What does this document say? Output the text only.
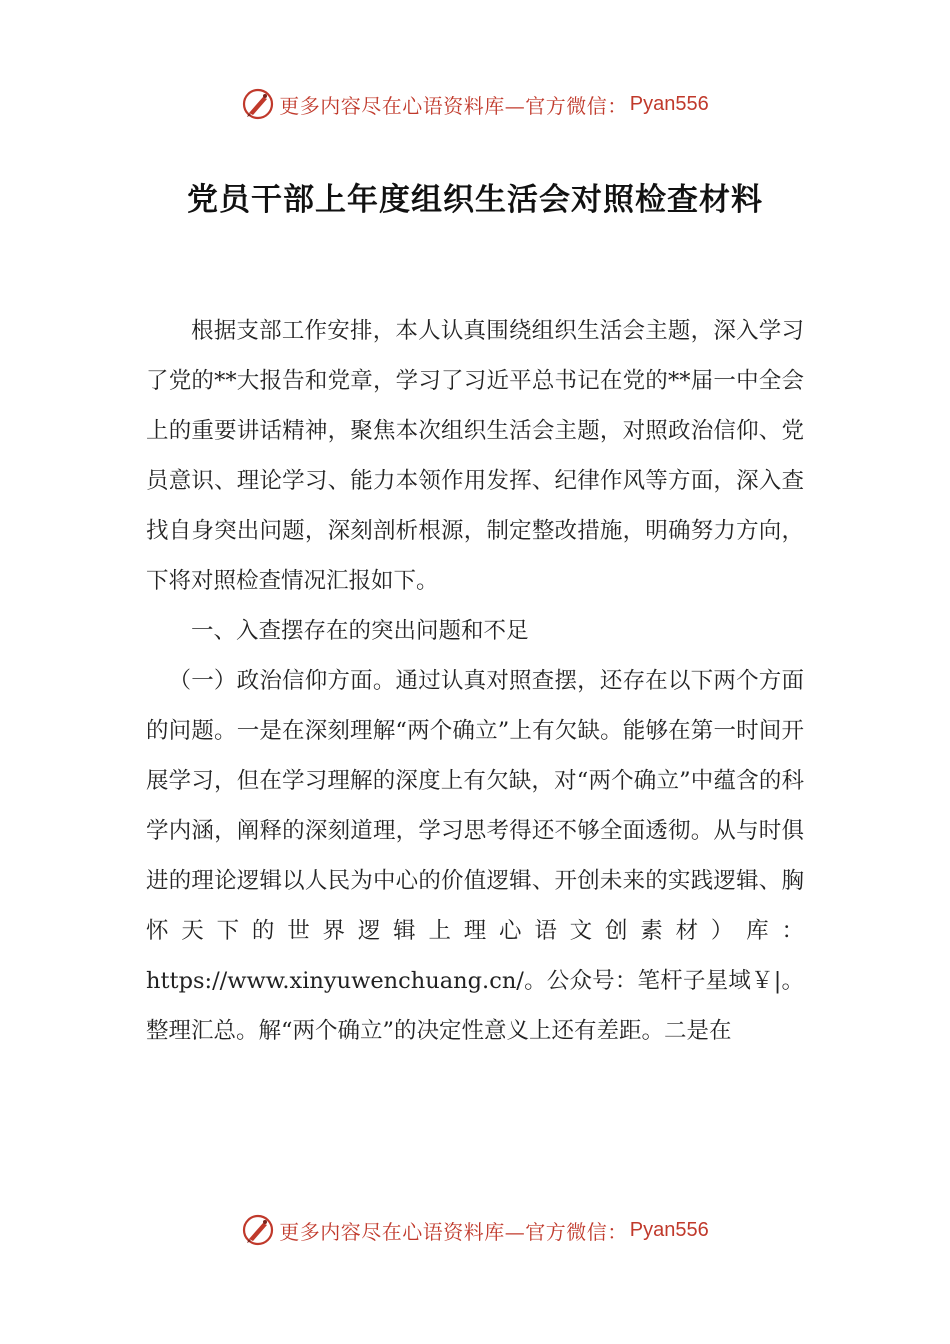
更多内容尽在心语资料库—官方微信： Pyan556
党员干部上年度组织生活会对照检查材料

根据支部工作安排，本人认真围绕组织生活会主题，深入学习了党的**大报告和党章，学习了习近平总书记在党的**届一中全会上的重要讲话精神，聚焦本次组织生活会主题，对照政治信仰、党员意识、理论学习、能力本领作用发挥、纪律作风等方面，深入查找自身突出问题，深刻剖析根源，制定整改措施，明确努力方向，下将对照检查情况汇报如下。

一、入查摆存在的突出问题和不足

（一）政治信仰方面。通过认真对照查摆，还存在以下两个方面的问题。一是在深刻理解“两个确立”上有欠缺。能够在第一时间开展学习，但在学习理解的深度上有欠缺，对“两个确立”中蕴含的科学内涵，阐释的深刻道理，学习思考得还不够全面透彻。从与时俱进的理论逻辑以人民为中心的价值逻辑、开创未来的实践逻辑、胸怀天下的世界逻辑上理心语文创素材）库：https://www.xinyuwenchuang.cn/。公众号：笔杆子星域￥|。整理汇总。解“两个确立”的决定性意义上还有差距。二是在

更多内容尽在心语资料库—官方微信： Pyan556
